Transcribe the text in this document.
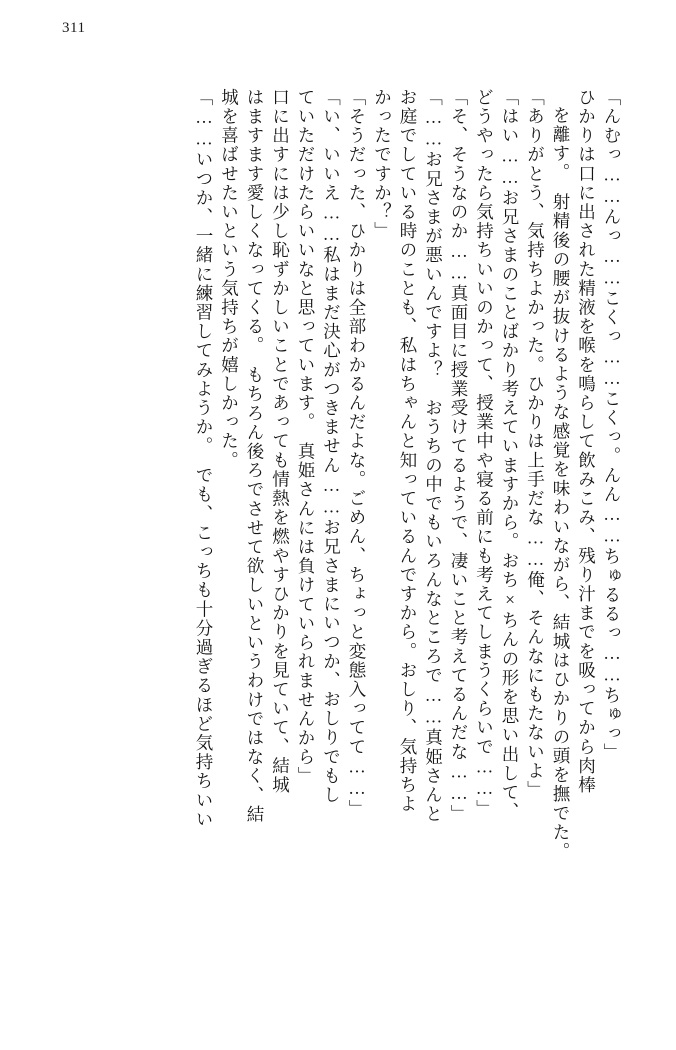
311
「んむっ……んっ……こくっ……こくっ。んん……ちゅるるっ……ちゅっ」
ひかりは口に出された精液を喉を鳴らして飲みこみ、残り汁までを吸ってから肉棒
を離す。　射精後の腰が抜けるような感覚を味わいながら、結城はひかりの頭を撫でた。
「ありがとう、気持ちよかった。ひかりは上手だな……俺、そんなにもたないよ」
「はい……お兄さまのことばかり考えていますから。おち×ちんの形を思い出して、
どうやったら気持ちいいのかって、授業中や寝る前にも考えてしまうくらいで……」
「そ、そうなのか……真面目に授業受けてるようで、凄いこと考えてるんだな……」
「……お兄さまが悪いんですよ？　おうちの中でもいろんなところで……真姫さんと
お庭でしている時のことも、私はちゃんと知っているんですから。おしり、気持ちよ
かったですか？」
「そうだった、ひかりは全部わかるんだよな。ごめん、ちょっと変態入ってて……」
「い、いいえ……私はまだ決心がつきません……お兄さまにいつか、おしりでもし
ていただけたらいいなと思っています。　真姫さんには負けていられませんから」
口に出すには少し恥ずかしいことであっても情熱を燃やすひかりを見ていて、結城
はますます愛しくなってくる。　もちろん後ろでさせて欲しいというわけではなく、結
城を喜ばせたいという気持ちが嬉しかった。
「……いつか、一緒に練習してみようか。　でも、こっちも十分過ぎるほど気持ちいい
